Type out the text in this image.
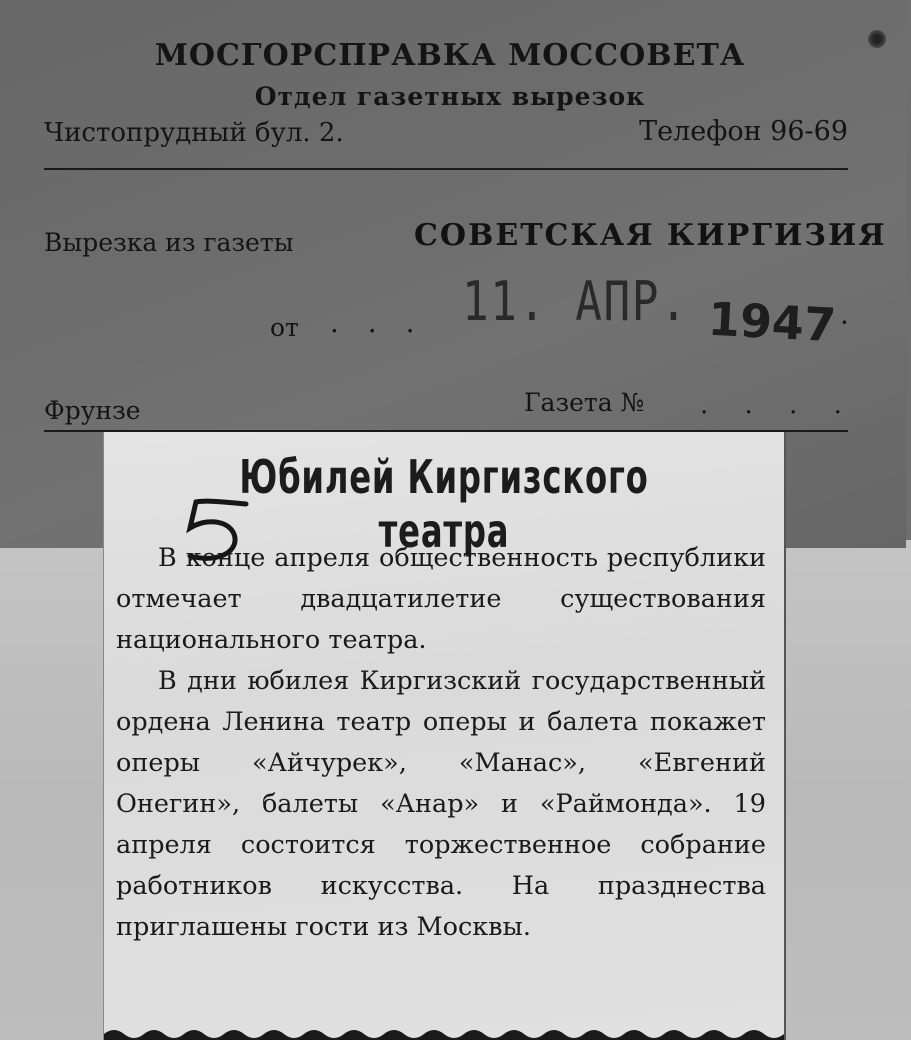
МОСГОРСПРАВКА МОССОВЕТА
Отдел газетных вырезок
Чистопрудный бул. 2.	Телефон 96-69
Вырезка из газеты	СОВЕТСКАЯ КИРГИЗИЯ
от . . . 11. АПР. 1947 ·
Фрунзе	Газета № . . . .
Юбилей Киргизского театра

В конце апреля общественность республики отмечает двадцатилетие существования национального театра.

В дни юбилея Киргизский государственный ордена Ленина театр оперы и балета покажет оперы «Айчурек», «Манас», «Евгений Онегин», балеты «Анар» и «Раймонда». 19 апреля состоится торжественное собрание работников искусства. На празднества приглашены гости из Москвы.
